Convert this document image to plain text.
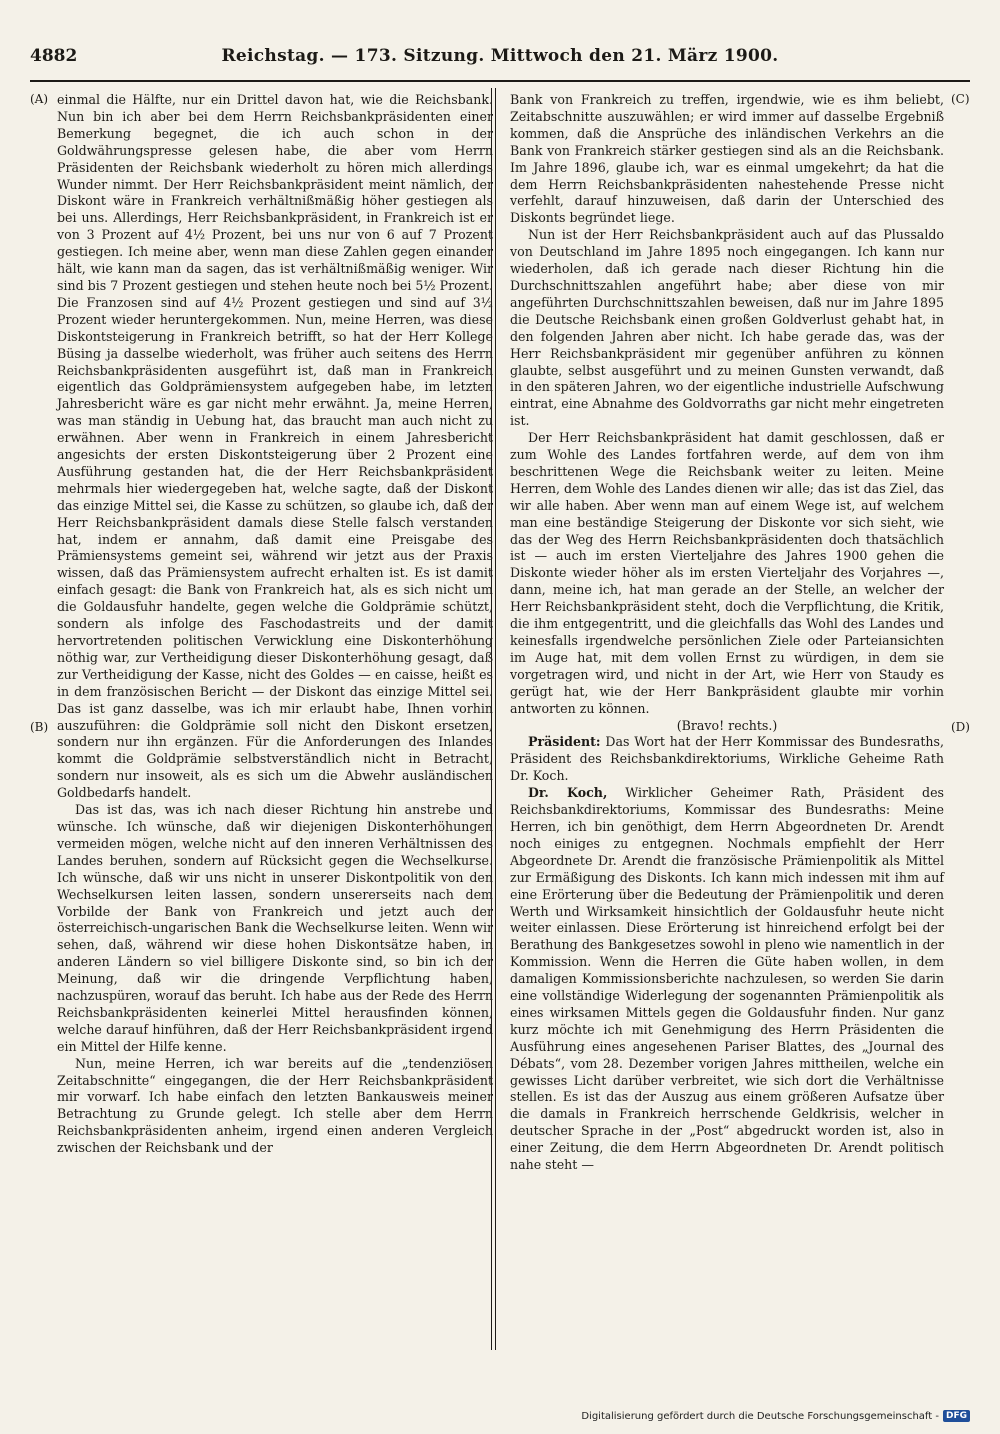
4882	Reichstag. — 173. Sitzung. Mittwoch den 21. März 1900.
(A)
(B)
(C)
(D)

einmal die Hälfte, nur ein Drittel davon hat, wie die Reichsbank. Nun bin ich aber bei dem Herrn Reichsbankpräsidenten einer Bemerkung begegnet, die ich auch schon in der Goldwährungspresse gelesen habe, die aber vom Herrn Präsidenten der Reichsbank wiederholt zu hören mich allerdings Wunder nimmt. Der Herr Reichsbankpräsident meint nämlich, der Diskont wäre in Frankreich verhältnißmäßig höher gestiegen als bei uns. Allerdings, Herr Reichsbankpräsident, in Frankreich ist er von 3 Prozent auf 4½ Prozent, bei uns nur von 6 auf 7 Prozent gestiegen. Ich meine aber, wenn man diese Zahlen gegen einander hält, wie kann man da sagen, das ist verhältnißmäßig weniger. Wir sind bis 7 Prozent gestiegen und stehen heute noch bei 5½ Prozent. Die Franzosen sind auf 4½ Prozent gestiegen und sind auf 3½ Prozent wieder heruntergekommen. Nun, meine Herren, was diese Diskontsteigerung in Frankreich betrifft, so hat der Herr Kollege Büsing ja dasselbe wiederholt, was früher auch seitens des Herrn Reichsbankpräsidenten ausgeführt ist, daß man in Frankreich eigentlich das Goldprämiensystem aufgegeben habe, im letzten Jahresbericht wäre es gar nicht mehr erwähnt. Ja, meine Herren, was man ständig in Uebung hat, das braucht man auch nicht zu erwähnen. Aber wenn in Frankreich in einem Jahresbericht angesichts der ersten Diskontsteigerung über 2 Prozent eine Ausführung gestanden hat, die der Herr Reichsbankpräsident mehrmals hier wiedergegeben hat, welche sagte, daß der Diskont das einzige Mittel sei, die Kasse zu schützen, so glaube ich, daß der Herr Reichsbankpräsident damals diese Stelle falsch verstanden hat, indem er annahm, daß damit eine Preisgabe des Prämiensystems gemeint sei, während wir jetzt aus der Praxis wissen, daß das Prämiensystem aufrecht erhalten ist. Es ist damit einfach gesagt: die Bank von Frankreich hat, als es sich nicht um die Goldausfuhr handelte, gegen welche die Goldprämie schützt, sondern als infolge des Faschodastreits und der damit hervortretenden politischen Verwicklung eine Diskonterhöhung nöthig war, zur Vertheidigung dieser Diskonterhöhung gesagt, daß zur Vertheidigung der Kasse, nicht des Goldes — en caisse, heißt es in dem französischen Bericht — der Diskont das einzige Mittel sei. Das ist ganz dasselbe, was ich mir erlaubt habe, Ihnen vorhin auszuführen: die Goldprämie soll nicht den Diskont ersetzen, sondern nur ihn ergänzen. Für die Anforderungen des Inlandes kommt die Goldprämie selbstverständlich nicht in Betracht, sondern nur insoweit, als es sich um die Abwehr ausländischen Goldbedarfs handelt.

Das ist das, was ich nach dieser Richtung hin anstrebe und wünsche. Ich wünsche, daß wir diejenigen Diskonterhöhungen vermeiden mögen, welche nicht auf den inneren Verhältnissen des Landes beruhen, sondern auf Rücksicht gegen die Wechselkurse. Ich wünsche, daß wir uns nicht in unserer Diskontpolitik von den Wechselkursen leiten lassen, sondern unsererseits nach dem Vorbilde der Bank von Frankreich und jetzt auch der österreichisch-ungarischen Bank die Wechselkurse leiten. Wenn wir sehen, daß, während wir diese hohen Diskontsätze haben, in anderen Ländern so viel billigere Diskonte sind, so bin ich der Meinung, daß wir die dringende Verpflichtung haben, nachzuspüren, worauf das beruht. Ich habe aus der Rede des Herrn Reichsbankpräsidenten keinerlei Mittel herausfinden können, welche darauf hinführen, daß der Herr Reichsbankpräsident irgend ein Mittel der Hilfe kenne.

Nun, meine Herren, ich war bereits auf die „tendenziösen Zeitabschnitte“ eingegangen, die der Herr Reichsbankpräsident mir vorwarf. Ich habe einfach den letzten Bankausweis meiner Betrachtung zu Grunde gelegt. Ich stelle aber dem Herrn Reichsbankpräsidenten anheim, irgend einen anderen Vergleich zwischen der Reichsbank und der

Bank von Frankreich zu treffen, irgendwie, wie es ihm beliebt, Zeitabschnitte auszuwählen; er wird immer auf dasselbe Ergebniß kommen, daß die Ansprüche des inländischen Verkehrs an die Bank von Frankreich stärker gestiegen sind als an die Reichsbank. Im Jahre 1896, glaube ich, war es einmal umgekehrt; da hat die dem Herrn Reichsbankpräsidenten nahestehende Presse nicht verfehlt, darauf hinzuweisen, daß darin der Unterschied des Diskonts begründet liege.

Nun ist der Herr Reichsbankpräsident auch auf das Plussaldo von Deutschland im Jahre 1895 noch eingegangen. Ich kann nur wiederholen, daß ich gerade nach dieser Richtung hin die Durchschnittszahlen angeführt habe; aber diese von mir angeführten Durchschnittszahlen beweisen, daß nur im Jahre 1895 die Deutsche Reichsbank einen großen Goldverlust gehabt hat, in den folgenden Jahren aber nicht. Ich habe gerade das, was der Herr Reichsbankpräsident mir gegenüber anführen zu können glaubte, selbst ausgeführt und zu meinen Gunsten verwandt, daß in den späteren Jahren, wo der eigentliche industrielle Aufschwung eintrat, eine Abnahme des Goldvorraths gar nicht mehr eingetreten ist.

Der Herr Reichsbankpräsident hat damit geschlossen, daß er zum Wohle des Landes fortfahren werde, auf dem von ihm beschrittenen Wege die Reichsbank weiter zu leiten. Meine Herren, dem Wohle des Landes dienen wir alle; das ist das Ziel, das wir alle haben. Aber wenn man auf einem Wege ist, auf welchem man eine beständige Steigerung der Diskonte vor sich sieht, wie das der Weg des Herrn Reichsbankpräsidenten doch thatsächlich ist — auch im ersten Vierteljahre des Jahres 1900 gehen die Diskonte wieder höher als im ersten Vierteljahr des Vorjahres —, dann, meine ich, hat man gerade an der Stelle, an welcher der Herr Reichsbankpräsident steht, doch die Verpflichtung, die Kritik, die ihm entgegentritt, und die gleichfalls das Wohl des Landes und keinesfalls irgendwelche persönlichen Ziele oder Parteiansichten im Auge hat, mit dem vollen Ernst zu würdigen, in dem sie vorgetragen wird, und nicht in der Art, wie Herr von Staudy es gerügt hat, wie der Herr Bankpräsident glaubte mir vorhin antworten zu können.

(Bravo! rechts.)

Präsident: Das Wort hat der Herr Kommissar des Bundesraths, Präsident des Reichsbankdirektoriums, Wirkliche Geheime Rath Dr. Koch.

Dr. Koch, Wirklicher Geheimer Rath, Präsident des Reichsbankdirektoriums, Kommissar des Bundesraths: Meine Herren, ich bin genöthigt, dem Herrn Abgeordneten Dr. Arendt noch einiges zu entgegnen. Nochmals empfiehlt der Herr Abgeordnete Dr. Arendt die französische Prämienpolitik als Mittel zur Ermäßigung des Diskonts. Ich kann mich indessen mit ihm auf eine Erörterung über die Bedeutung der Prämienpolitik und deren Werth und Wirksamkeit hinsichtlich der Goldausfuhr heute nicht weiter einlassen. Diese Erörterung ist hinreichend erfolgt bei der Berathung des Bankgesetzes sowohl in pleno wie namentlich in der Kommission. Wenn die Herren die Güte haben wollen, in dem damaligen Kommissionsberichte nachzulesen, so werden Sie darin eine vollständige Widerlegung der sogenannten Prämienpolitik als eines wirksamen Mittels gegen die Goldausfuhr finden. Nur ganz kurz möchte ich mit Genehmigung des Herrn Präsidenten die Ausführung eines angesehenen Pariser Blattes, des „Journal des Débats“, vom 28. Dezember vorigen Jahres mittheilen, welche ein gewisses Licht darüber verbreitet, wie sich dort die Verhältnisse stellen. Es ist das der Auszug aus einem größeren Aufsatze über die damals in Frankreich herrschende Geldkrisis, welcher in deutscher Sprache in der „Post“ abgedruckt worden ist, also in einer Zeitung, die dem Herrn Abgeordneten Dr. Arendt politisch nahe steht —

Digitalisierung gefördert durch die Deutsche Forschungsgemeinschaft - DFG
